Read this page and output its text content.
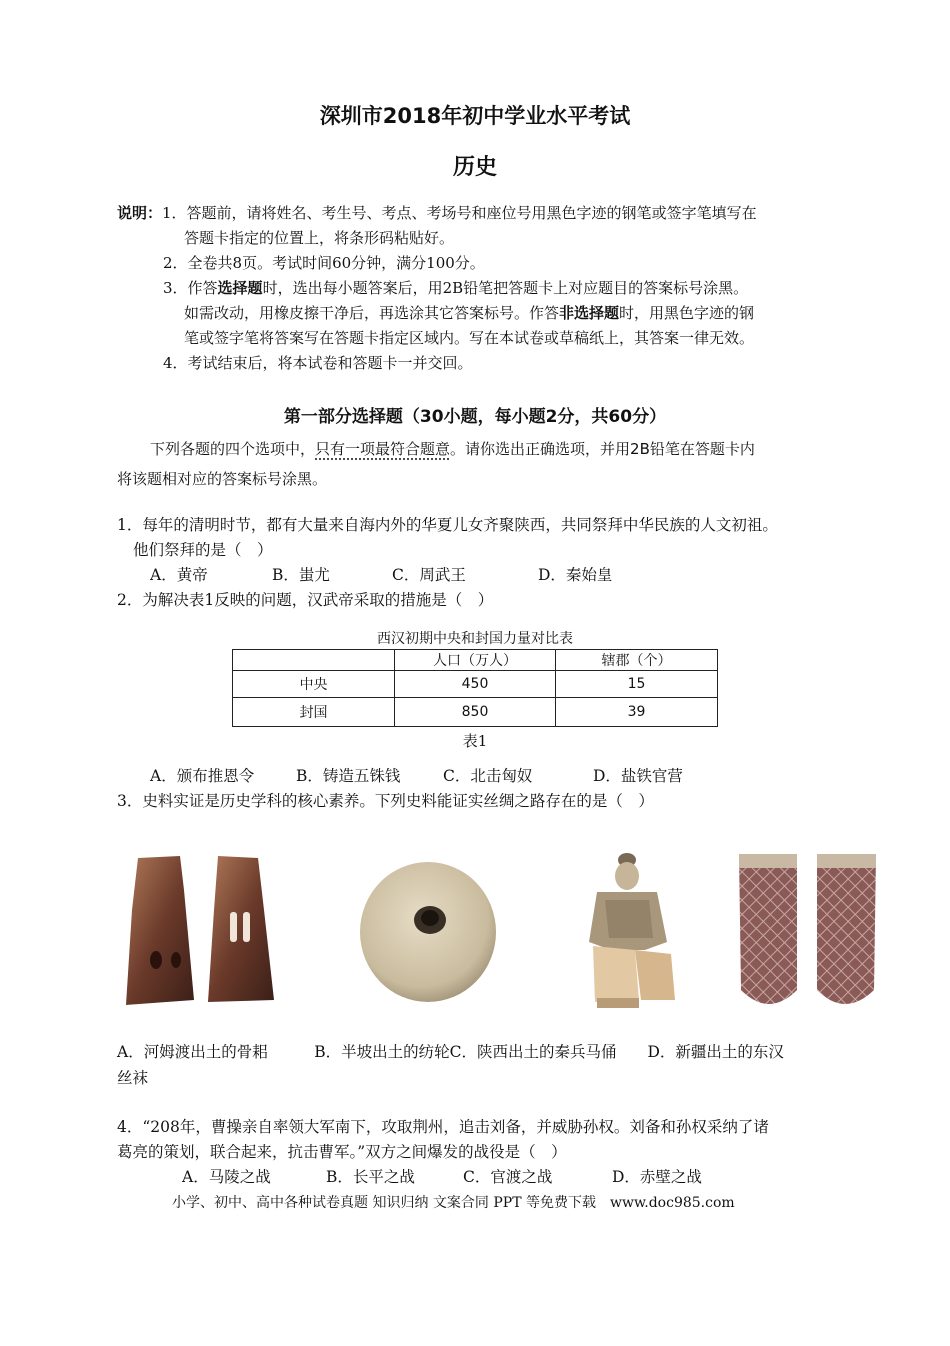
深圳市2018年初中学业水平考试
历史
说明：1．答题前，请将姓名、考生号、考点、考场号和座位号用黑色字迹的钢笔或签字笔填写在
答题卡指定的位置上，将条形码粘贴好。
2．全卷共8页。考试时间60分钟，满分100分。
3．作答选择题时，选出每小题答案后，用2B铅笔把答题卡上对应题目的答案标号涂黑。
如需改动，用橡皮擦干净后，再选涂其它答案标号。作答非选择题时，用黑色字迹的钢
笔或签字笔将答案写在答题卡指定区域内。写在本试卷或草稿纸上，其答案一律无效。
4．考试结束后，将本试卷和答题卡一并交回。
第一部分选择题（30小题，每小题2分，共60分）
下列各题的四个选项中，只有一项最符合题意。请你选出正确选项，并用2B铅笔在答题卡内
将该题相对应的答案标号涂黑。
1．每年的清明时节，都有大量来自海内外的华夏儿女齐聚陕西，共同祭拜中华民族的人文初祖。
他们祭拜的是（　）
A．黄帝	B．蚩尤	C．周武王	D．秦始皇
2．为解决表1反映的问题，汉武帝采取的措施是（　）
西汉初期中央和封国力量对比表
	人口（万人）	辖郡（个）
中央	450	15
封国	850	39
表1
A．颁布推恩令	B．铸造五铢钱	C．北击匈奴	D．盐铁官营
3．史料实证是历史学科的核心素养。下列史料能证实丝绸之路存在的是（　）
A．河姆渡出土的骨耜　　　B．半坡出土的纺轮C．陕西出土的秦兵马俑　　D．新疆出土的东汉
丝袜
4．“208年，曹操亲自率领大军南下，攻取荆州，追击刘备，并威胁孙权。刘备和孙权采纳了诸
葛亮的策划，联合起来，抗击曹军。”双方之间爆发的战役是（　）
A．马陵之战	B．长平之战	C．官渡之战	D．赤壁之战
小学、初中、高中各种试卷真题 知识归纳 文案合同 PPT 等免费下载　www.doc985.com
